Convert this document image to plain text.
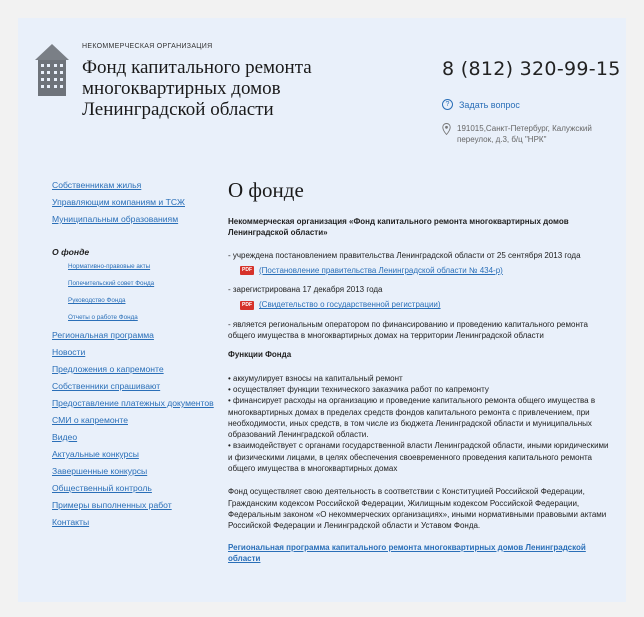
НЕКОММЕРЧЕСКАЯ ОРГАНИЗАЦИЯ
Фонд капитального ремонта
многоквартирных домов
Ленинградской области
8 (812) 320-99-15
?	Задать вопрос
191015,Санкт-Петербург, Калужский переулок, д.3, б/ц "НРК"
Собственникам жилья
Управляющим компаниям и ТСЖ
Муниципальным образованиям
О фонде
Нормативно-правовые акты
Попечительский совет Фонда
Руководство Фонда
Отчеты о работе Фонда
Региональная программа
Новости
Предложения о капремонте
Собственники спрашивают
Предоставление платежных документов
СМИ о капремонте
Видео
Актуальные конкурсы
Завершенные конкурсы
Общественный контроль
Примеры выполненных работ
Контакты
О фонде
Некоммерческая организация «Фонд капитального ремонта многоквартирных домов Ленинградской области»
- учреждена постановлением правительства Ленинградской области от 25 сентября 2013 года
PDF (Постановление правительства Ленинградской области № 434-р)
- зарегистрирована 17 декабря 2013 года
PDF (Свидетельство о государственной регистрации)
- является региональным оператором по финансированию и проведению капитального ремонта общего имущества в многоквартирных домах на территории Ленинградской области
Функции Фонда
• аккумулирует взносы на капитальный ремонт
• осуществляет функции технического заказчика работ по капремонту
• финансирует расходы на организацию и проведение капитального ремонта общего имущества в многоквартирных домах в пределах средств фондов капитального ремонта с привлечением, при необходимости, иных средств, в том числе из бюджета Ленинградской области и муниципальных образований Ленинградской области.
• взаимодействует с органами государственной власти Ленинградской области, иными юридическими и физическими лицами, в целях обеспечения своевременного проведения капитального ремонта общего имущества в многоквартирных домах
Фонд осуществляет свою деятельность в соответствии с Конституцией Российской Федерации, Гражданским кодексом Российской Федерации, Жилищным кодексом Российской Федерации, Федеральным законом «О некоммерческих организациях», иными нормативными правовыми актами Российской Федерации и Ленинградской области и Уставом Фонда.
Региональная программа капитального ремонта многоквартирных домов Ленинградской области
